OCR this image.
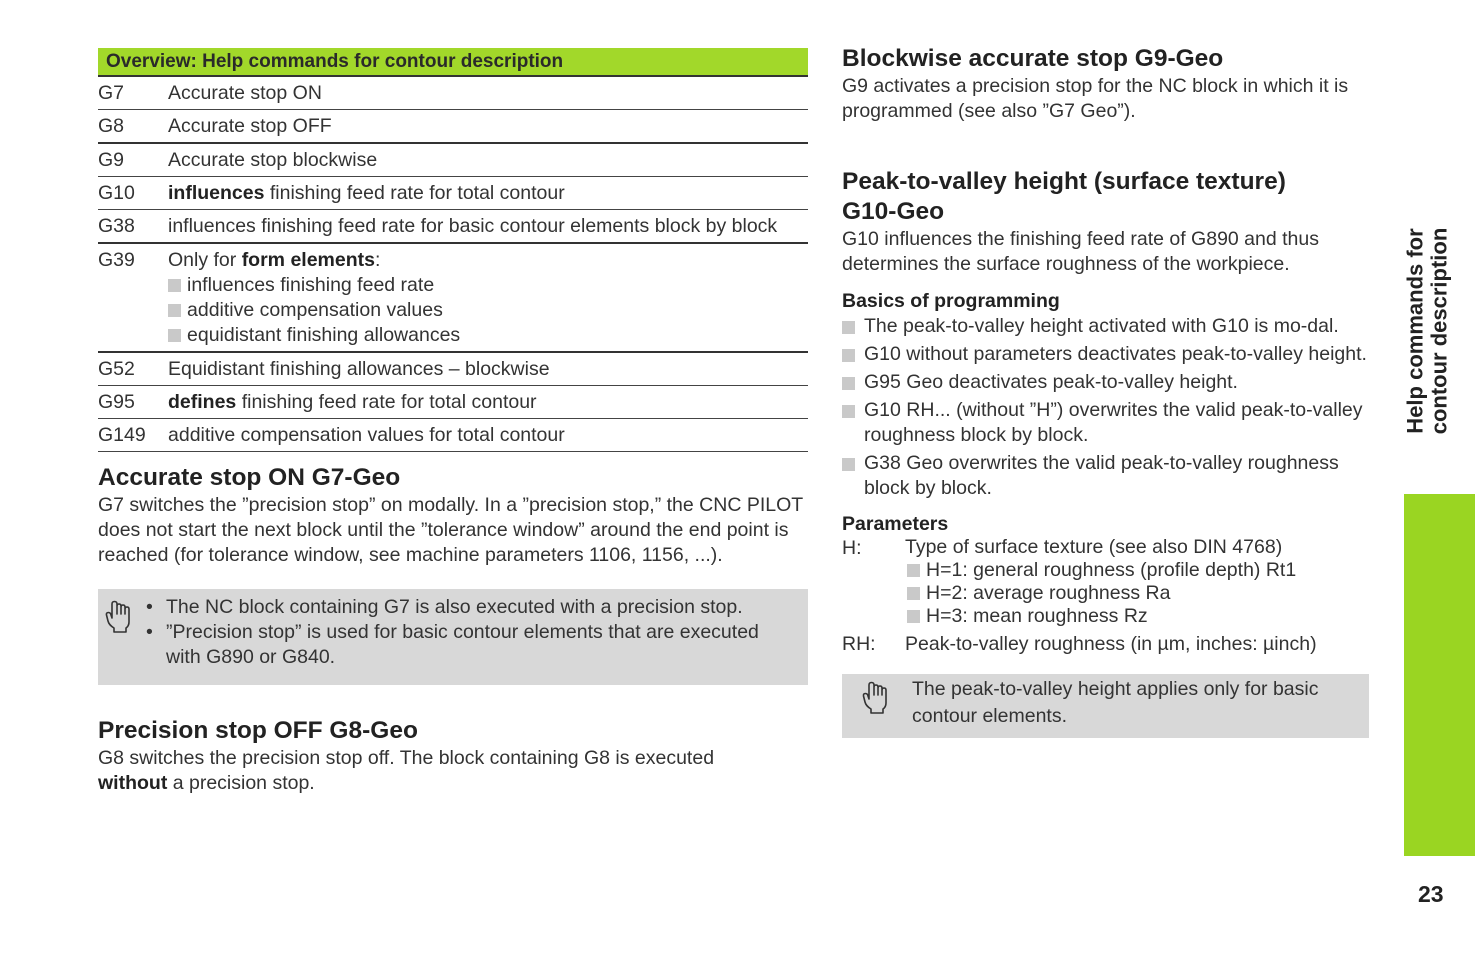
Overview: Help commands for contour description
G7	Accurate stop ON
G8	Accurate stop OFF
G9	Accurate stop blockwise
G10	influences finishing feed rate for total contour
G38	influences finishing feed rate for basic contour elements block by block
G39	Only for form elements:
influences finishing feed rate
additive compensation values
equidistant finishing allowances
G52	Equidistant finishing allowances – blockwise
G95	defines finishing feed rate for total contour
G149	additive compensation values for total contour
Accurate stop ON G7-Geo

G7 switches the ”precision stop” on modally. In a ”precision stop,” the CNC PILOT does not start the next block until the ”tolerance window” around the end point is reached (for tolerance window, see machine parameters 1106, 1156, ...).

• The NC block containing G7 is also executed with a precision stop.
• ”Precision stop” is used for basic contour elements that are executed with G890 or G840.
Precision stop OFF G8-Geo

G8 switches the precision stop off. The block containing G8 is executed
without a precision stop.

Blockwise accurate stop G9-Geo

G9 activates a precision stop for the NC block in which it is programmed (see also ”G7 Geo”).

Peak-to-valley height (surface texture)
G10-Geo

G10 influences the finishing feed rate of G890 and thus determines the surface roughness of the workpiece.

Basics of programming

The peak-to-valley height activated with G10 is mo-dal.
G10 without parameters deactivates peak-to-valley height.
G95 Geo deactivates peak-to-valley height.
G10 RH... (without ”H”) overwrites the valid peak-to-valley roughness block by block.
G38 Geo overwrites the valid peak-to-valley roughness block by block.

Parameters

H:	Type of surface texture (see also DIN 4768)
H=1: general roughness (profile depth) Rt1
H=2: average roughness Ra
H=3: mean roughness Rz
RH:	Peak-to-valley roughness (in µm, inches: µinch)

The peak-to-valley height applies only for basic contour elements.

Help commands for
contour description
23
